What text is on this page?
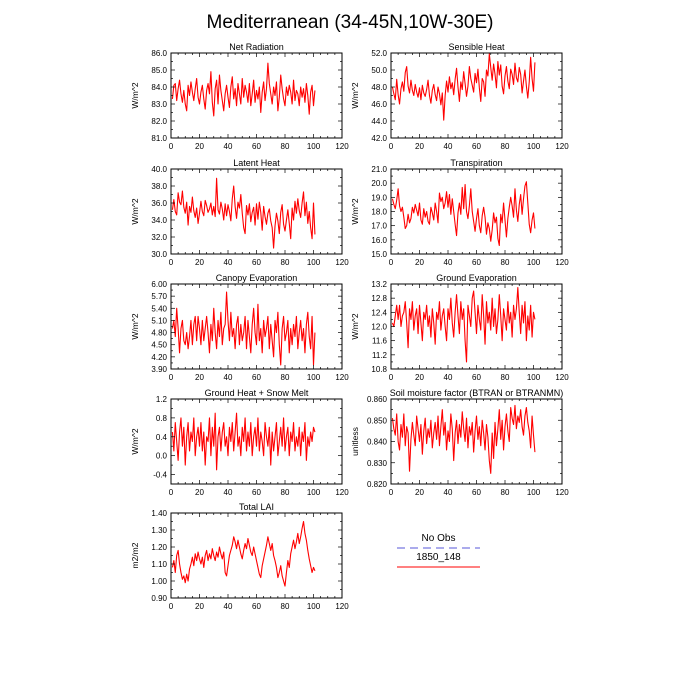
Mediterranean (34-45N,10W-30E)
0	20 40 60 80 100 120
81.0
82.0
83.0
84.0
85.0
86.0
Net Radiation
W/m^2
0	20 40 60 80 100 120
42.0
44.0
46.0
48.0
50.0
52.0
Sensible Heat
W/m^2
0	20 40 60 80 100 120
30.0
32.0
34.0
36.0
38.0
40.0
Latent Heat
W/m^2
0	20 40 60 80 100 120
15.0
16.0
17.0
18.0
19.0
20.0
21.0
Transpiration
W/m^2
0	20 40 60 80 100 120
3.90
4.20
4.50
4.80
5.10
5.40
5.70
6.00
Canopy Evaporation
W/m^2
0	20 40 60 80 100 120
10.8
11.2
11.6
12.0
12.4
12.8
13.2
Ground Evaporation
W/m^2
0	20 40 60 80 100 120
-0.4
0.0
0.4
0.8
1.2
Ground Heat + Snow Melt
W/m^2
0	20 40 60 80 100 120
0.820
0.830
0.840
0.850
0.860
Soil moisture factor (BTRAN or BTRANMN)
unitless
0	20 40 60 80 100 120
0.90
1.00
1.10
1.20
1.30
1.40
Total LAI
m2/m2
No Obs
1850_148
